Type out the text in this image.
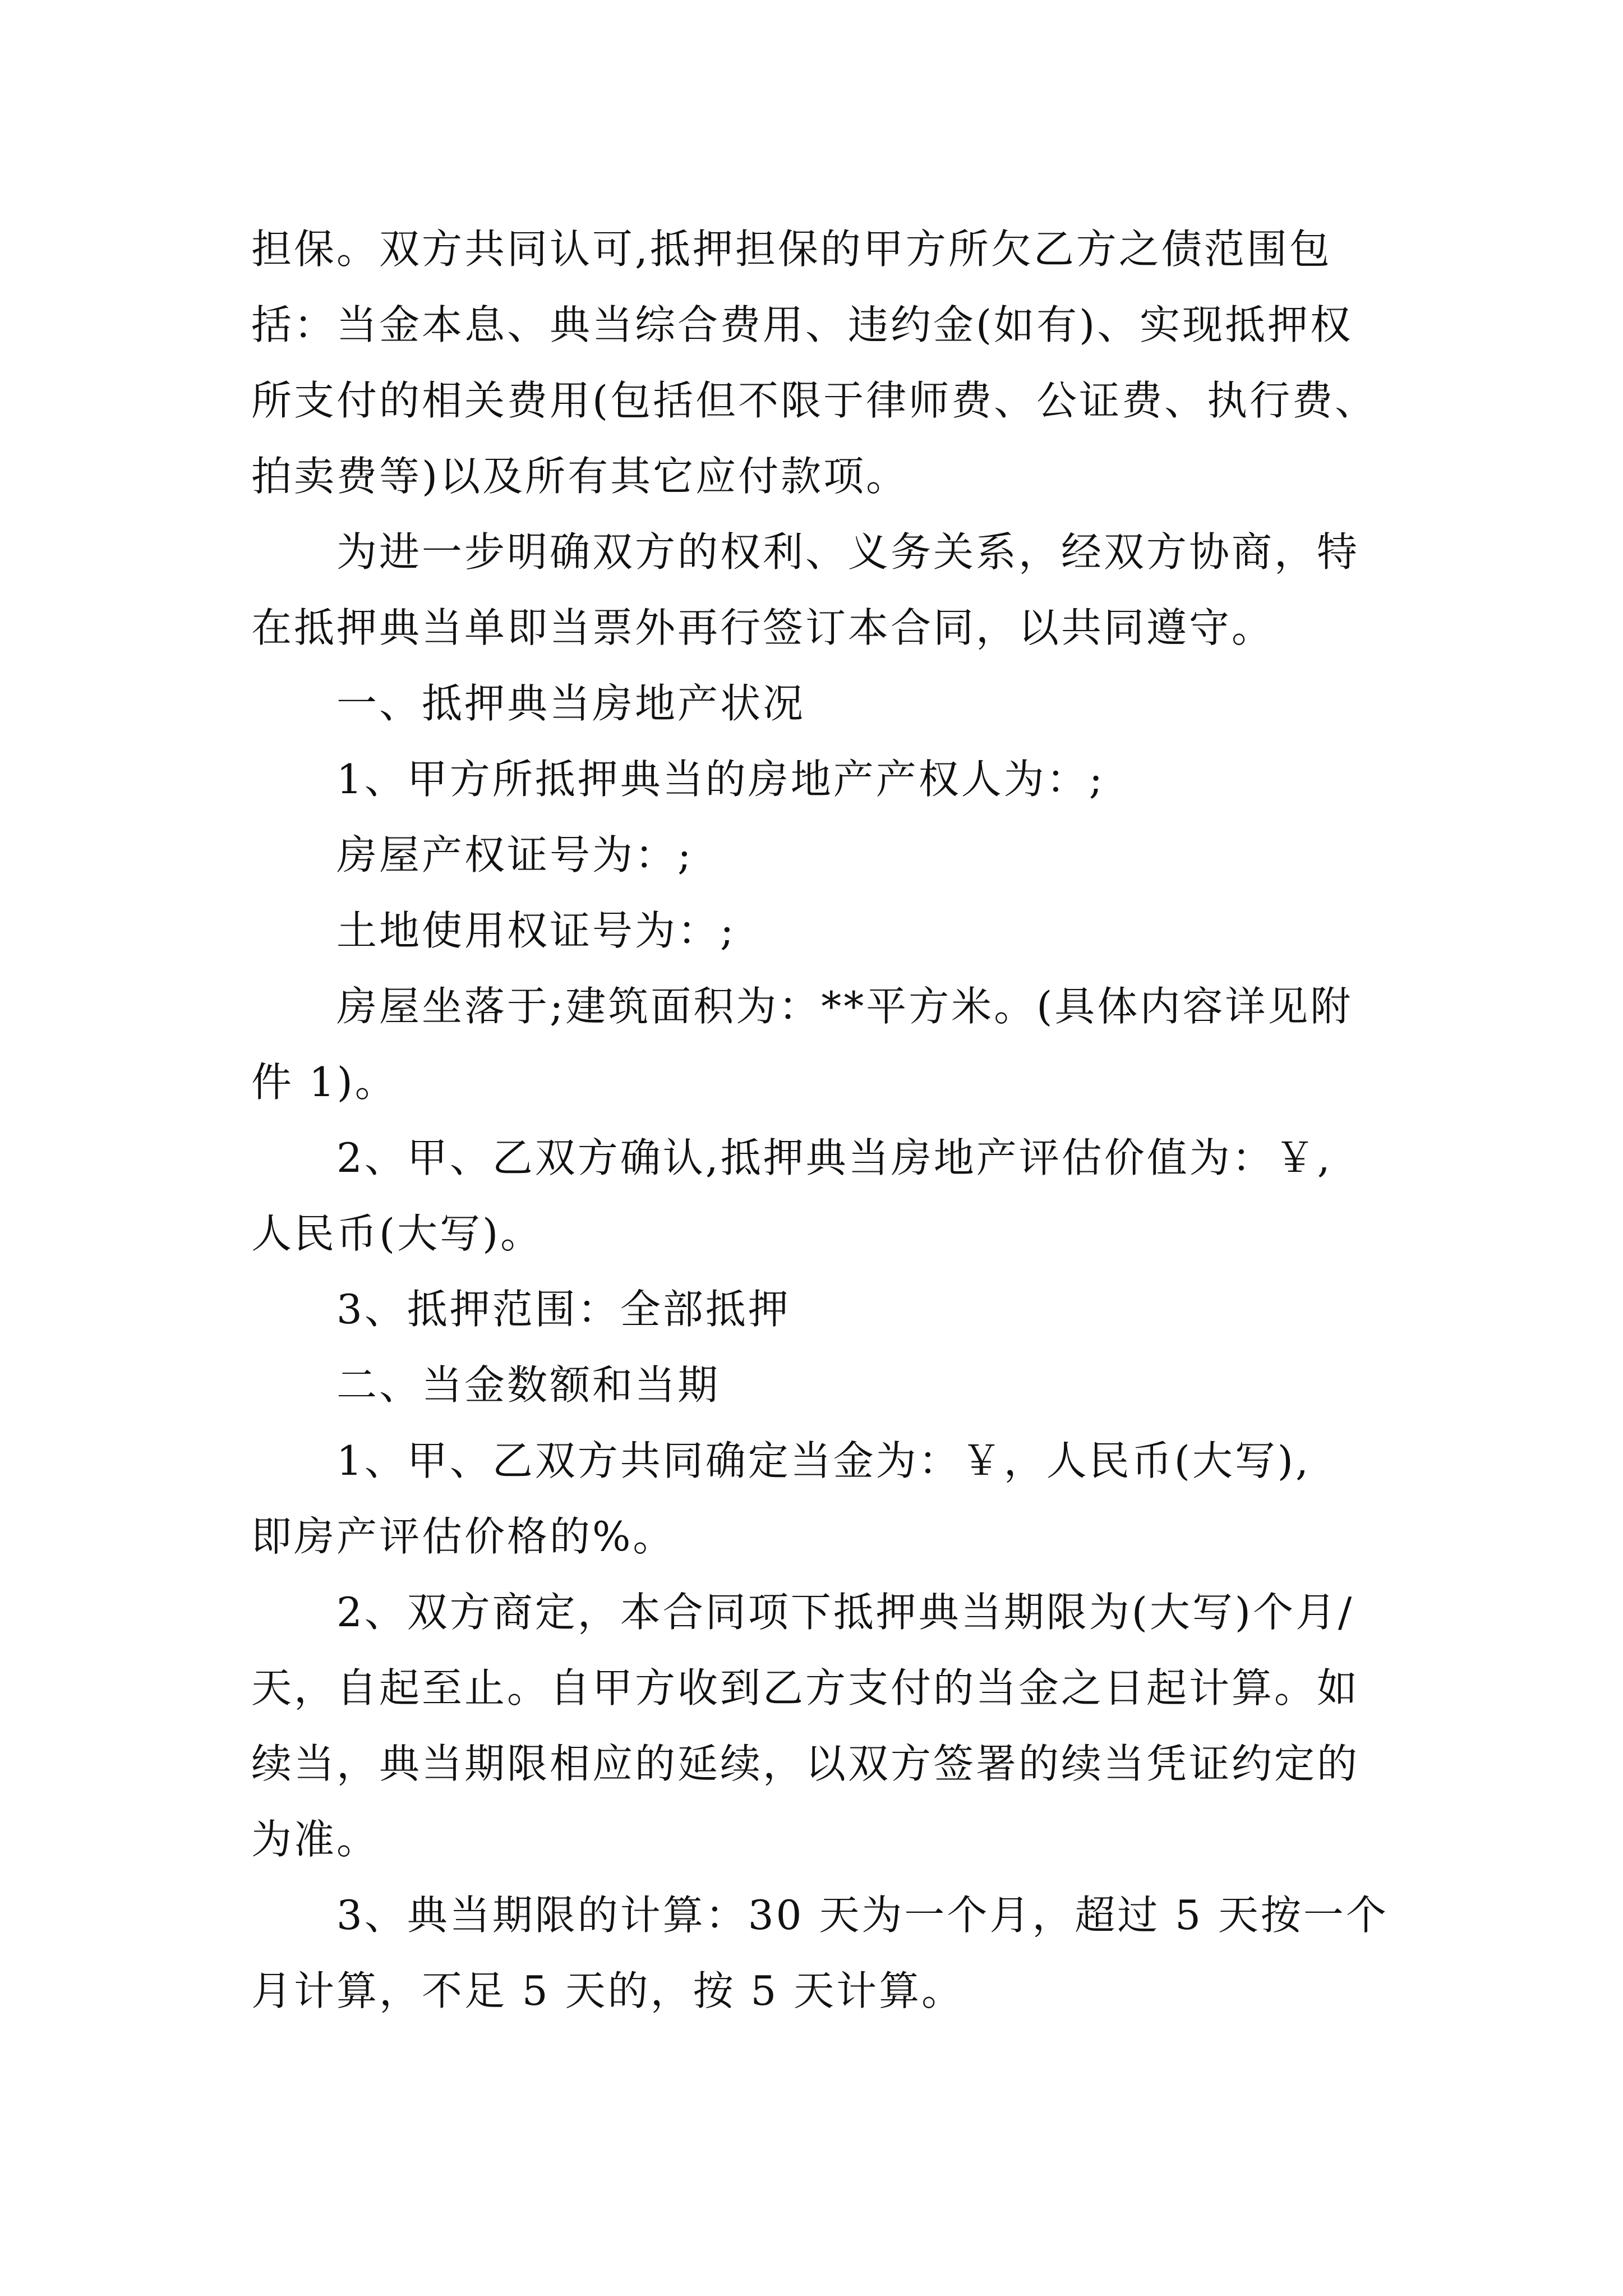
担保。双方共同认可,抵押担保的甲方所欠乙方之债范围包
括：当金本息、典当综合费用、违约金(如有)、实现抵押权
所支付的相关费用(包括但不限于律师费、公证费、执行费、
拍卖费等)以及所有其它应付款项。
为进一步明确双方的权利、义务关系，经双方协商，特
在抵押典当单即当票外再行签订本合同，以共同遵守。
一、抵押典当房地产状况
1、甲方所抵押典当的房地产产权人为：;
房屋产权证号为：;
土地使用权证号为：;
房屋坐落于;建筑面积为：**平方米。(具体内容详见附
件 1)。
2、甲、乙双方确认,抵押典当房地产评估价值为：￥,
人民币(大写)。
3、抵押范围：全部抵押
二、当金数额和当期
1、甲、乙双方共同确定当金为：￥，人民币(大写),
即房产评估价格的%。
2、双方商定，本合同项下抵押典当期限为(大写)个月/
天，自起至止。自甲方收到乙方支付的当金之日起计算。如
续当，典当期限相应的延续，以双方签署的续当凭证约定的
为准。
3、典当期限的计算：30 天为一个月，超过 5 天按一个
月计算，不足 5 天的，按 5 天计算。
